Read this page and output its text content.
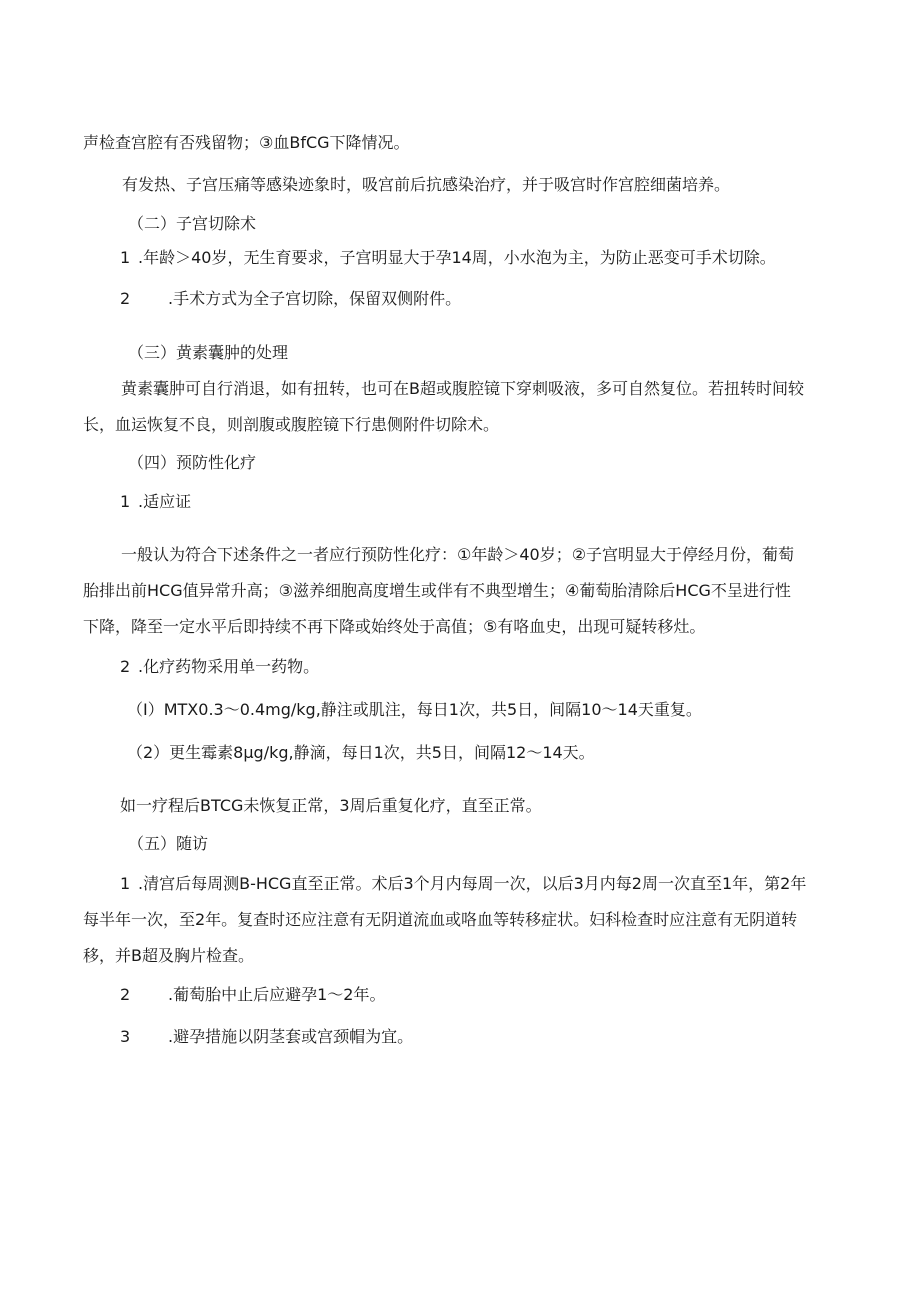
声检查宫腔有否残留物；③血BfCG下降情况。
有发热、子宫压痛等感染迹象时，吸宫前后抗感染治疗，并于吸宫时作宫腔细菌培养。
（二）子宫切除术
1 .年龄＞40岁，无生育要求，子宫明显大于孕14周，小水泡为主，为防止恶变可手术切除。
2 .手术方式为全子宫切除，保留双侧附件。
（三）黄素囊肿的处理
黄素囊肿可自行消退，如有扭转，也可在B超或腹腔镜下穿刺吸液，多可自然复位。若扭转时间较
长，血运恢复不良，则剖腹或腹腔镜下行患侧附件切除术。
（四）预防性化疗
1 .适应证
一般认为符合下述条件之一者应行预防性化疗：①年龄＞40岁；②子宫明显大于停经月份，葡萄
胎排出前HCG值异常升高；③滋养细胞高度增生或伴有不典型增生；④葡萄胎清除后HCG不呈进行性
下降，降至一定水平后即持续不再下降或始终处于高值；⑤有咯血史，出现可疑转移灶。
2 .化疗药物采用单一药物。
（I）MTX0.3～0.4mg∕kg,静注或肌注，每日1次，共5日，间隔10～14天重复。
（2）更生霉素8μg∕kg,静滴，每日1次，共5日，间隔12～14天。
如一疗程后BTCG未恢复正常，3周后重复化疗，直至正常。
（五）随访
1 .清宫后每周测B-HCG直至正常。术后3个月内每周一次，以后3月内每2周一次直至1年，第2年
每半年一次，至2年。复查时还应注意有无阴道流血或咯血等转移症状。妇科检查时应注意有无阴道转
移，并B超及胸片检查。
2 .葡萄胎中止后应避孕1～2年。
3 .避孕措施以阴茎套或宫颈帽为宜。
